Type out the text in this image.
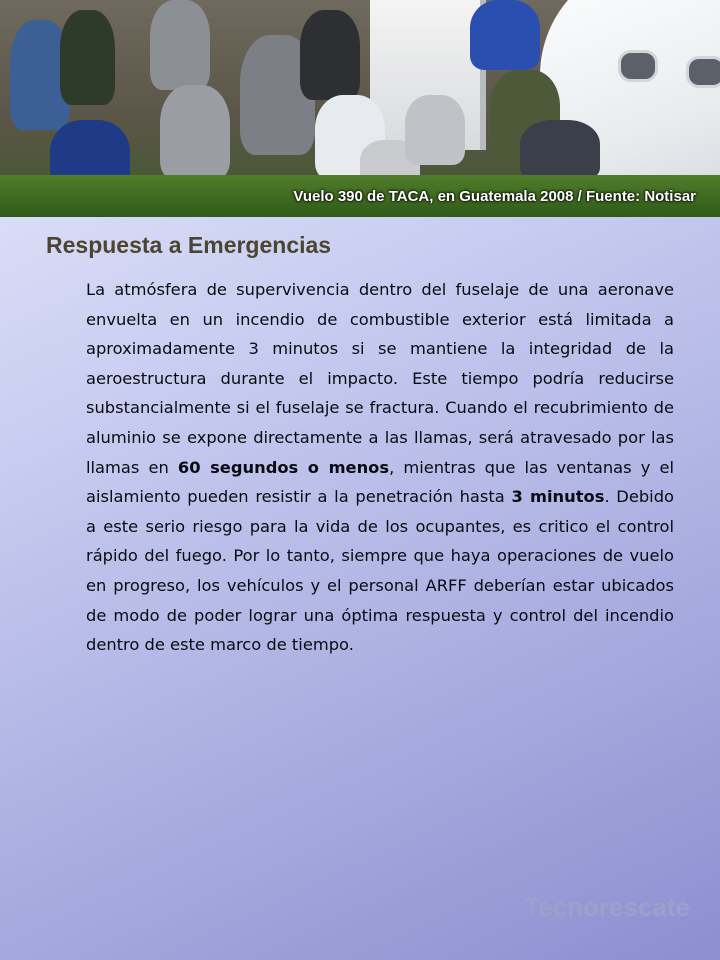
Vuelo 390 de TACA, en Guatemala 2008 / Fuente: Notisar
Respuesta a Emergencias

La atmósfera de supervivencia dentro del fuselaje de una aeronave envuelta en un incendio de combustible exterior está limitada a aproximadamente 3 minutos si se mantiene la integridad de la aeroestructura durante el impacto. Este tiempo podría reducirse substancialmente si el fuselaje se fractura. Cuando el recubrimiento de aluminio se expone directamente a las llamas, será atravesado por las llamas en 60 segundos o menos, mientras que las ventanas y el aislamiento pueden resistir a la penetración hasta 3 minutos. Debido a este serio riesgo para la vida de los ocupantes, es critico el control rápido del fuego. Por lo tanto, siempre que haya operaciones de vuelo en progreso, los vehículos y el personal ARFF deberían estar ubicados de modo de poder lograr una óptima respuesta y control del incendio dentro de este marco de tiempo.

Tecnorescate
